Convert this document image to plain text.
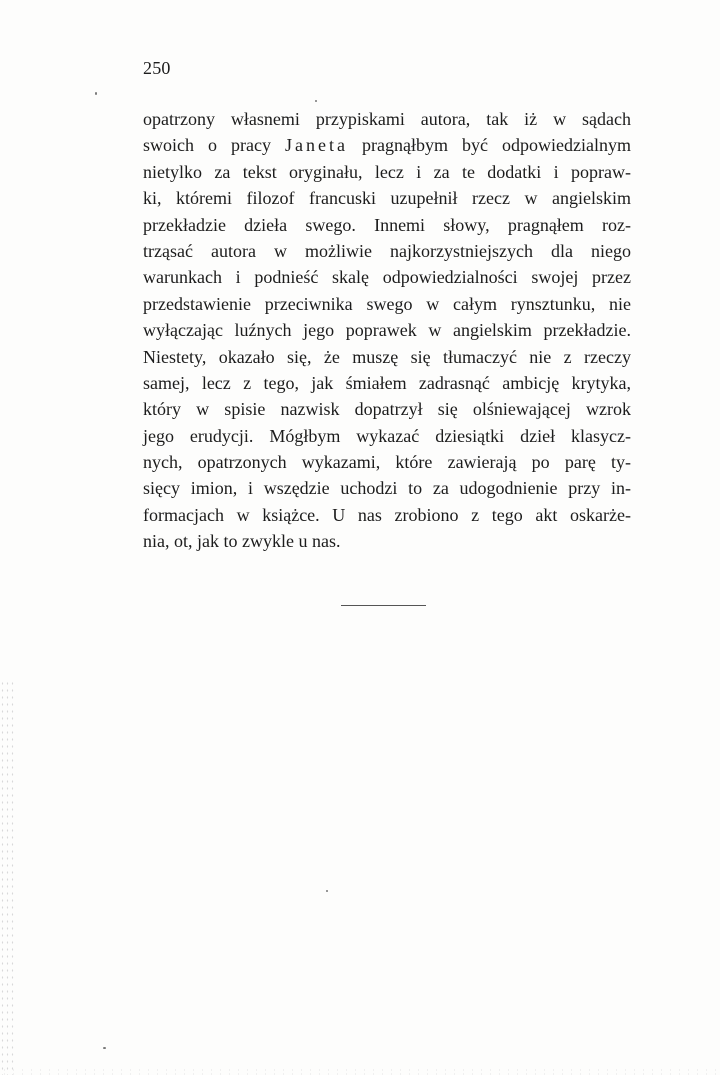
250
opatrzony własnemi przypiskami autora, tak iż w sądach
swoich o pracy Janeta pragnąłbym być odpowiedzialnym
nietylko za tekst oryginału, lecz i za te dodatki i popraw-
ki, któremi filozof francuski uzupełnił rzecz w angielskim
przekładzie dzieła swego. Innemi słowy, pragnąłem roz-
trząsać autora w możliwie najkorzystniejszych dla niego
warunkach i podnieść skalę odpowiedzialności swojej przez
przedstawienie przeciwnika swego w całym rynsztunku, nie
wyłączając luźnych jego poprawek w angielskim przekładzie.
Niestety, okazało się, że muszę się tłumaczyć nie z rzeczy
samej, lecz z tego, jak śmiałem zadrasnąć ambicję krytyka,
który w spisie nazwisk dopatrzył się olśniewającej wzrok
jego erudycji. Mógłbym wykazać dziesiątki dzieł klasycz-
nych, opatrzonych wykazami, które zawierają po parę ty-
sięcy imion, i wszędzie uchodzi to za udogodnienie przy in-
formacjach w książce. U nas zrobiono z tego akt oskarże-
nia, ot, jak to zwykle u nas.
